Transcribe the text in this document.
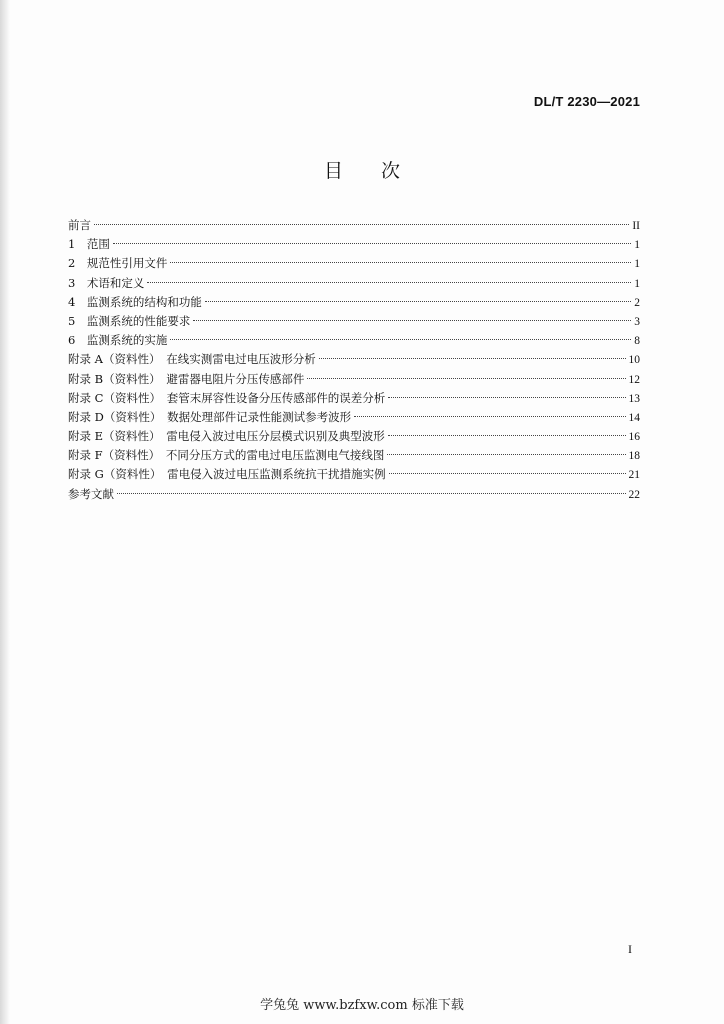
DL/T 2230—2021
目次
前言	II
1　范围	1
2　规范性引用文件	1
3　术语和定义	1
4　监测系统的结构和功能	2
5　监测系统的性能要求	3
6　监测系统的实施	8
附录 A（资料性）　在线实测雷电过电压波形分析	10
附录 B（资料性）　避雷器电阻片分压传感部件	12
附录 C（资料性）　套管末屏容性设备分压传感部件的误差分析	13
附录 D（资料性）　数据处理部件记录性能测试参考波形	14
附录 E（资料性）　雷电侵入波过电压分层模式识别及典型波形	16
附录 F（资料性）　不同分压方式的雷电过电压监测电气接线图	18
附录 G（资料性）　雷电侵入波过电压监测系统抗干扰措施实例	21
参考文献	22
I
学兔兔 www.bzfxw.com 标准下载
